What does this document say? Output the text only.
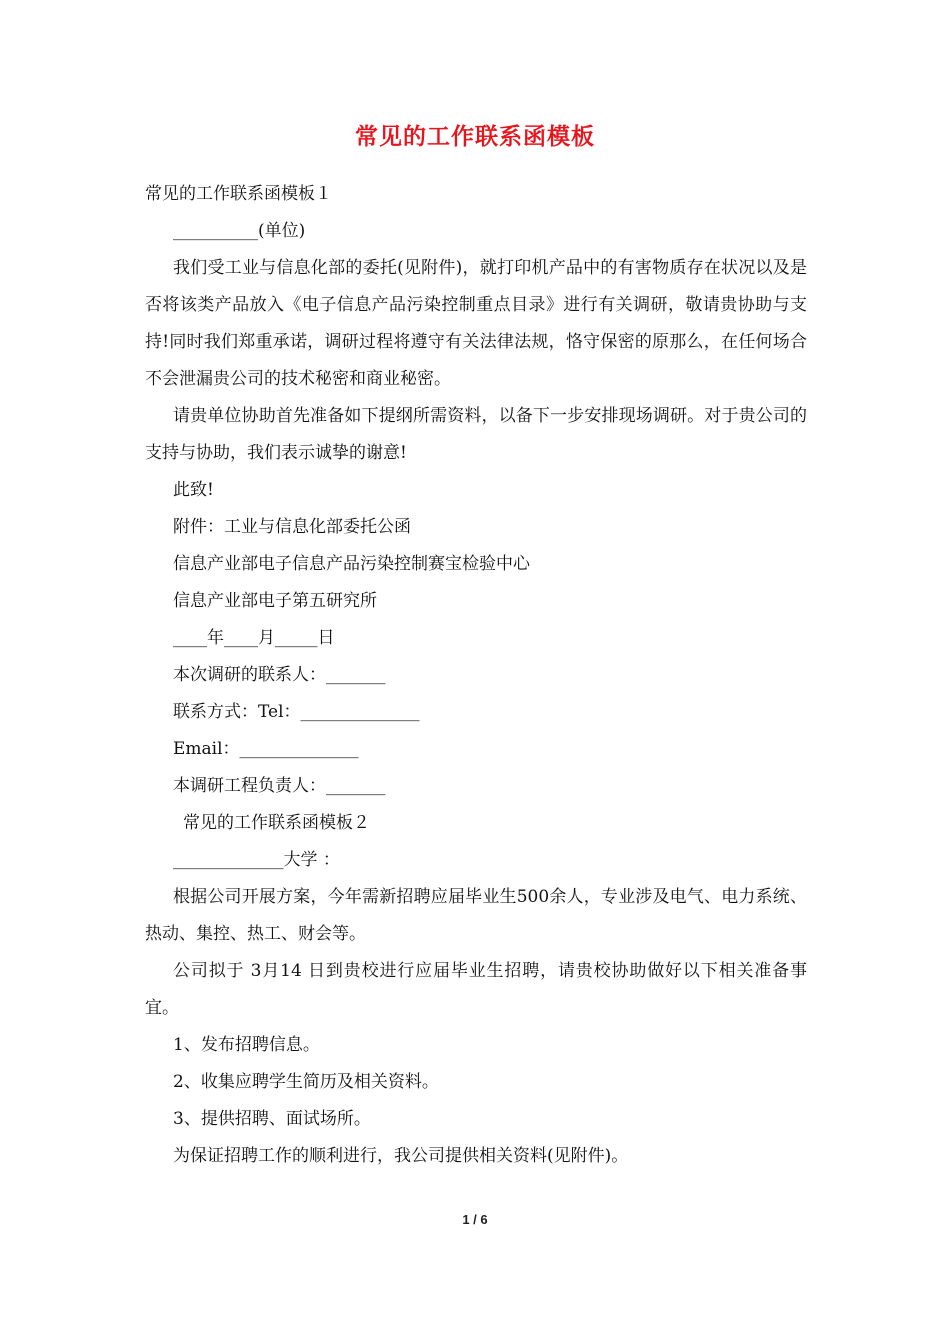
常见的工作联系函模板

常见的工作联系函模板１

__________(单位)

我们受工业与信息化部的委托(见附件)，就打印机产品中的有害物质存在状况以及是否将该类产品放入《电子信息产品污染控制重点目录》进行有关调研，敬请贵协助与支持!同时我们郑重承诺，调研过程将遵守有关法律法规，恪守保密的原那么，在任何场合不会泄漏贵公司的技术秘密和商业秘密。

请贵单位协助首先准备如下提纲所需资料，以备下一步安排现场调研。对于贵公司的支持与协助，我们表示诚挚的谢意!

此致!

附件：工业与信息化部委托公函

信息产业部电子信息产品污染控制赛宝检验中心

信息产业部电子第五研究所

____年____月_____日

本次调研的联系人：_______

联系方式：Tel：______________

Email：______________

本调研工程负责人：_______

常见的工作联系函模板２

_____________大学 ：

根据公司开展方案，今年需新招聘应届毕业生500余人，专业涉及电气、电力系统、热动、集控、热工、财会等。

公司拟于 3月14 日到贵校进行应届毕业生招聘，请贵校协助做好以下相关准备事宜。

1、发布招聘信息。

2、收集应聘学生简历及相关资料。

3、提供招聘、面试场所。

为保证招聘工作的顺利进行，我公司提供相关资料(见附件)。

1 / 6
